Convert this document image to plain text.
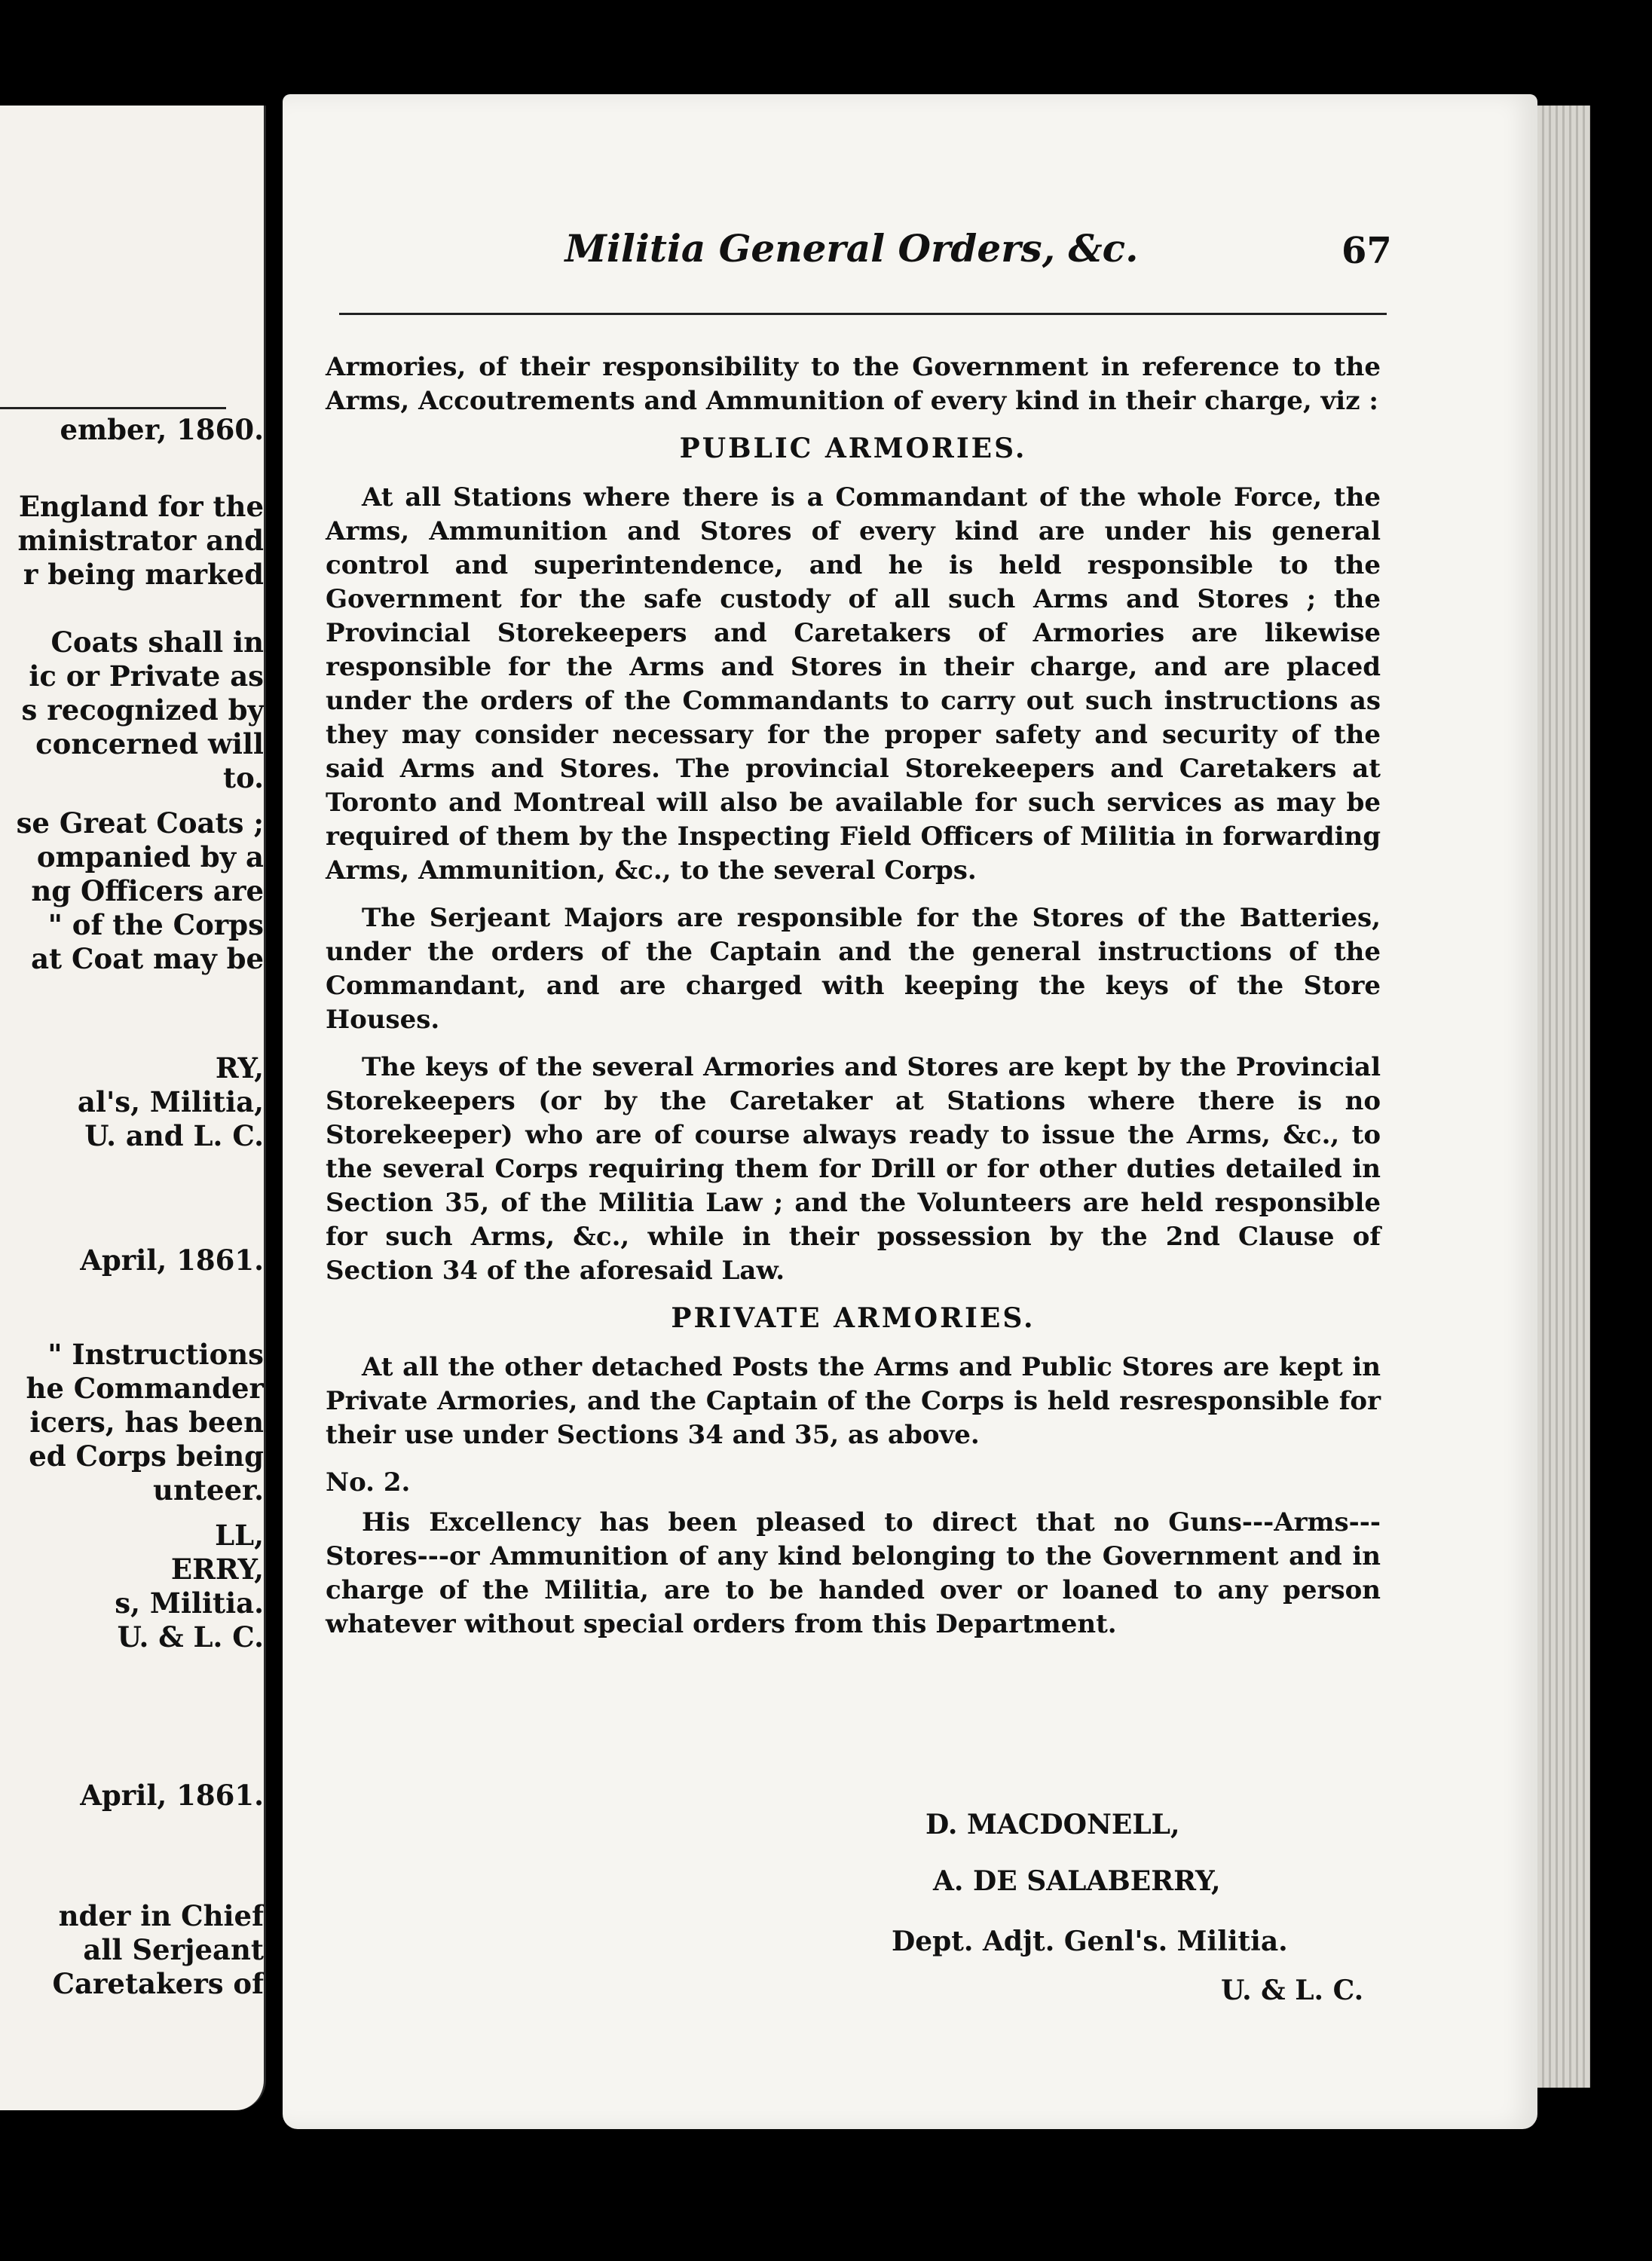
ember, 1860.
England for the
ministrator and
r being marked
Coats shall in
ic or Private as
s recognized by
concerned will
to.
se Great Coats ;
ompanied by a
ng Officers are
" of the Corps
at Coat may be
RY,
al's, Militia,
U. and L. C.
April, 1861.
" Instructions
he Commander
icers, has been
ed Corps being
unteer.
LL,
ERRY,
s, Militia.
U. & L. C.
April, 1861.
nder in Chief
all Serjeant
Caretakers of
Militia General Orders, &c.	67

Armories, of their responsibility to the Government in reference to the Arms, Accoutrements and Ammunition of every kind in their charge, viz :

PUBLIC ARMORIES.

At all Stations where there is a Commandant of the whole Force, the Arms, Ammunition and Stores of every kind are under his general control and superintendence, and he is held responsible to the Government for the safe custody of all such Arms and Stores ; the Provincial Storekeepers and Caretakers of Armories are likewise responsible for the Arms and Stores in their charge, and are placed under the orders of the Commandants to carry out such instructions as they may consider necessary for the proper safety and security of the said Arms and Stores. The provincial Storekeepers and Caretakers at Toronto and Montreal will also be available for such services as may be required of them by the Inspecting Field Officers of Militia in forwarding Arms, Ammunition, &c., to the several Corps.

The Serjeant Majors are responsible for the Stores of the Batteries, under the orders of the Captain and the general instructions of the Commandant, and are charged with keeping the keys of the Store Houses.

The keys of the several Armories and Stores are kept by the Provincial Storekeepers (or by the Caretaker at Stations where there is no Storekeeper) who are of course always ready to issue the Arms, &c., to the several Corps requiring them for Drill or for other duties detailed in Section 35, of the Militia Law ; and the Volunteers are held responsible for such Arms, &c., while in their possession by the 2nd Clause of Section 34 of the aforesaid Law.

PRIVATE ARMORIES.

At all the other detached Posts the Arms and Public Stores are kept in Private Armories, and the Captain of the Corps is held resresponsible for their use under Sections 34 and 35, as above.

No. 2.

His Excellency has been pleased to direct that no Guns---Arms---Stores---or Ammunition of any kind belonging to the Government and in charge of the Militia, are to be handed over or loaned to any person whatever without special orders from this Department.

D. MACDONELL,
A. DE SALABERRY,
Dept. Adjt. Genl's. Militia.
U. & L. C.
